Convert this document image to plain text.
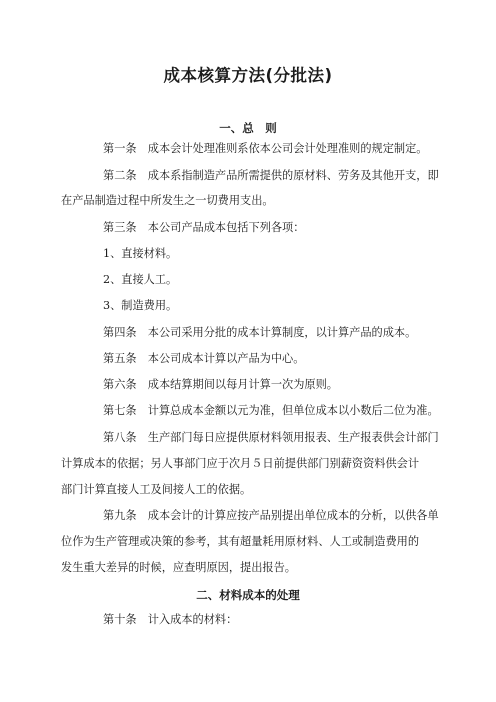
成本核算方法(分批法)
一、总　则
第一条　成本会计处理准则系依本公司会计处理准则的规定制定。
第二条　成本系指制造产品所需提供的原材料、劳务及其他开支，即
在产品制造过程中所发生之一切费用支出。
第三条　本公司产品成本包括下列各项：
1、直接材料。
2、直接人工。
3、制造费用。
第四条　本公司采用分批的成本计算制度，以计算产品的成本。
第五条　本公司成本计算以产品为中心。
第六条　成本结算期间以每月计算一次为原则。
第七条　计算总成本金额以元为准，但单位成本以小数后二位为准。
第八条　生产部门每日应提供原材料领用报表、生产报表供会计部门
计算成本的依据；另人事部门应于次月５日前提供部门别薪资资料供会计
部门计算直接人工及间接人工的依据。
第九条　成本会计的计算应按产品别提出单位成本的分析，以供各单
位作为生产管理或决策的参考，其有超量耗用原材料、人工或制造费用的
发生重大差异的时候，应查明原因，提出报告。
二、材料成本的处理
第十条　计入成本的材料：
